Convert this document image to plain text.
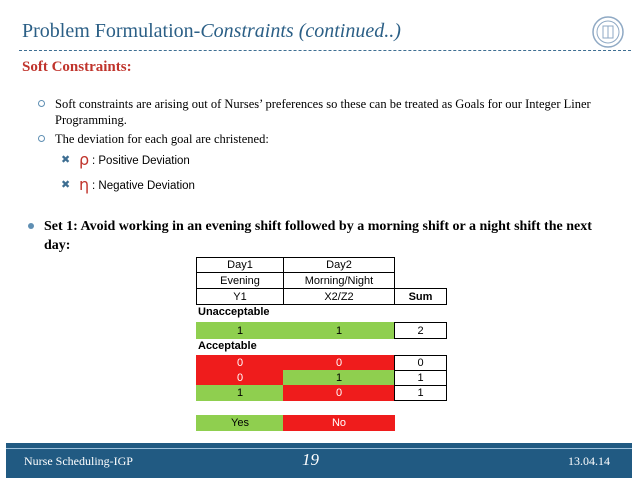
Problem Formulation-Constraints (continued..)
Soft Constraints:
Soft constraints are arising out of Nurses’ preferences so these can be treated as Goals for our Integer Liner Programming.
The deviation for each goal are christened:
✖ ρ : Positive Deviation
✖ η : Negative Deviation
Set 1: Avoid working in an evening shift followed by a morning shift or a night shift the next day:
Day1	Day2
Evening	Morning/Night
Y1	X2/Z2	Sum
Unacceptable
1	1	2
Acceptable
0	0	0
0	1	1
1	0	1
Yes	No
Nurse Scheduling-IGP	19	13.04.14
